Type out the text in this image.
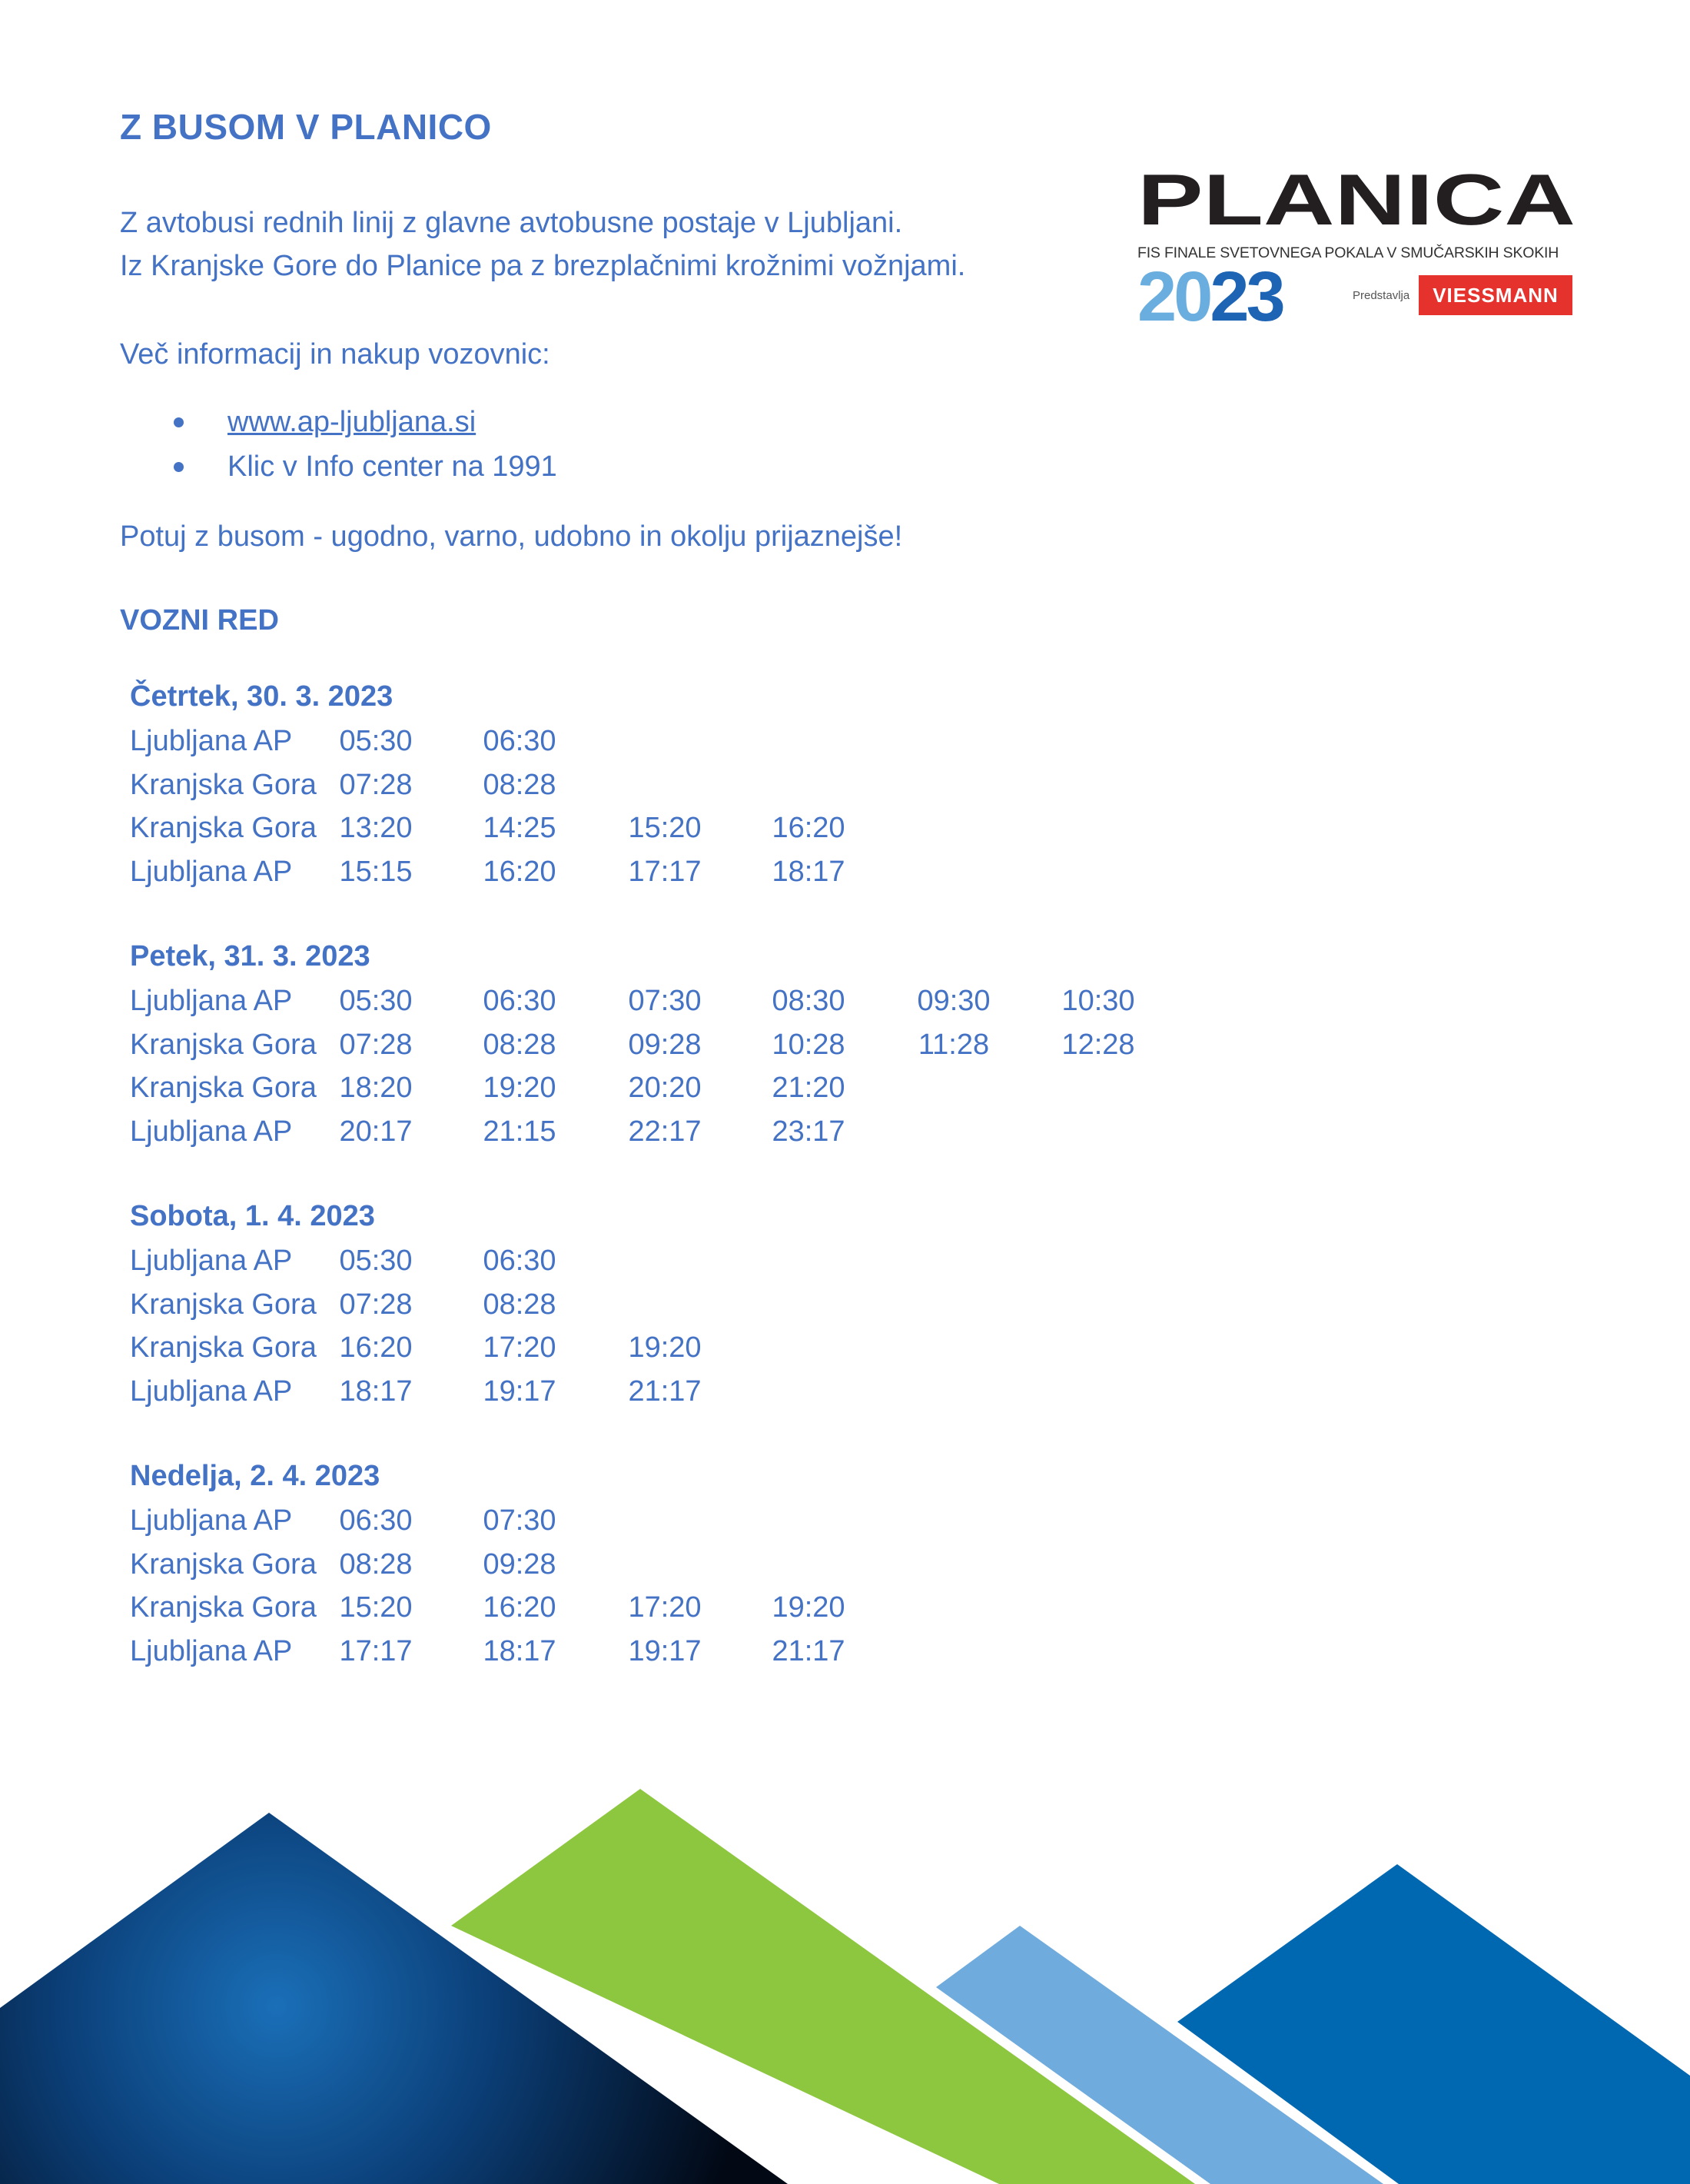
Z BUSOM V PLANICO
Z avtobusi rednih linij z glavne avtobusne postaje v Ljubljani.
Iz Kranjske Gore do Planice pa z brezplačnimi krožnimi vožnjami.
Več informacij in nakup vozovnic:
www.ap-ljubljana.si
Klic v Info center na 1991
Potuj z busom - ugodno, varno, udobno in okolju prijaznejše!
VOZNI RED
Četrtek, 30. 3. 2023
Ljubljana AP	05:30	06:30
Kranjska Gora 07:28	08:28
Kranjska Gora 13:20	14:25	15:20	16:20
Ljubljana AP	15:15	16:20	17:17	18:17
Petek, 31. 3. 2023
Ljubljana AP	05:30	06:30	07:30	08:30	09:30	10:30
Kranjska Gora 07:28	08:28	09:28	10:28	11:28	12:28
Kranjska Gora 18:20	19:20	20:20	21:20
Ljubljana AP	20:17	21:15	22:17	23:17
Sobota, 1. 4. 2023
Ljubljana AP	05:30	06:30
Kranjska Gora 07:28	08:28
Kranjska Gora 16:20	17:20	19:20
Ljubljana AP	18:17	19:17	21:17
Nedelja, 2. 4. 2023
Ljubljana AP	06:30	07:30
Kranjska Gora 08:28	09:28
Kranjska Gora 15:20	16:20	17:20	19:20
Ljubljana AP	17:17	18:17	19:17	21:17
PLANICA
FIS FINALE SVETOVNEGA POKALA V SMUČARSKIH SKOKIH
2023	Predstavlja	VIESSMANN
